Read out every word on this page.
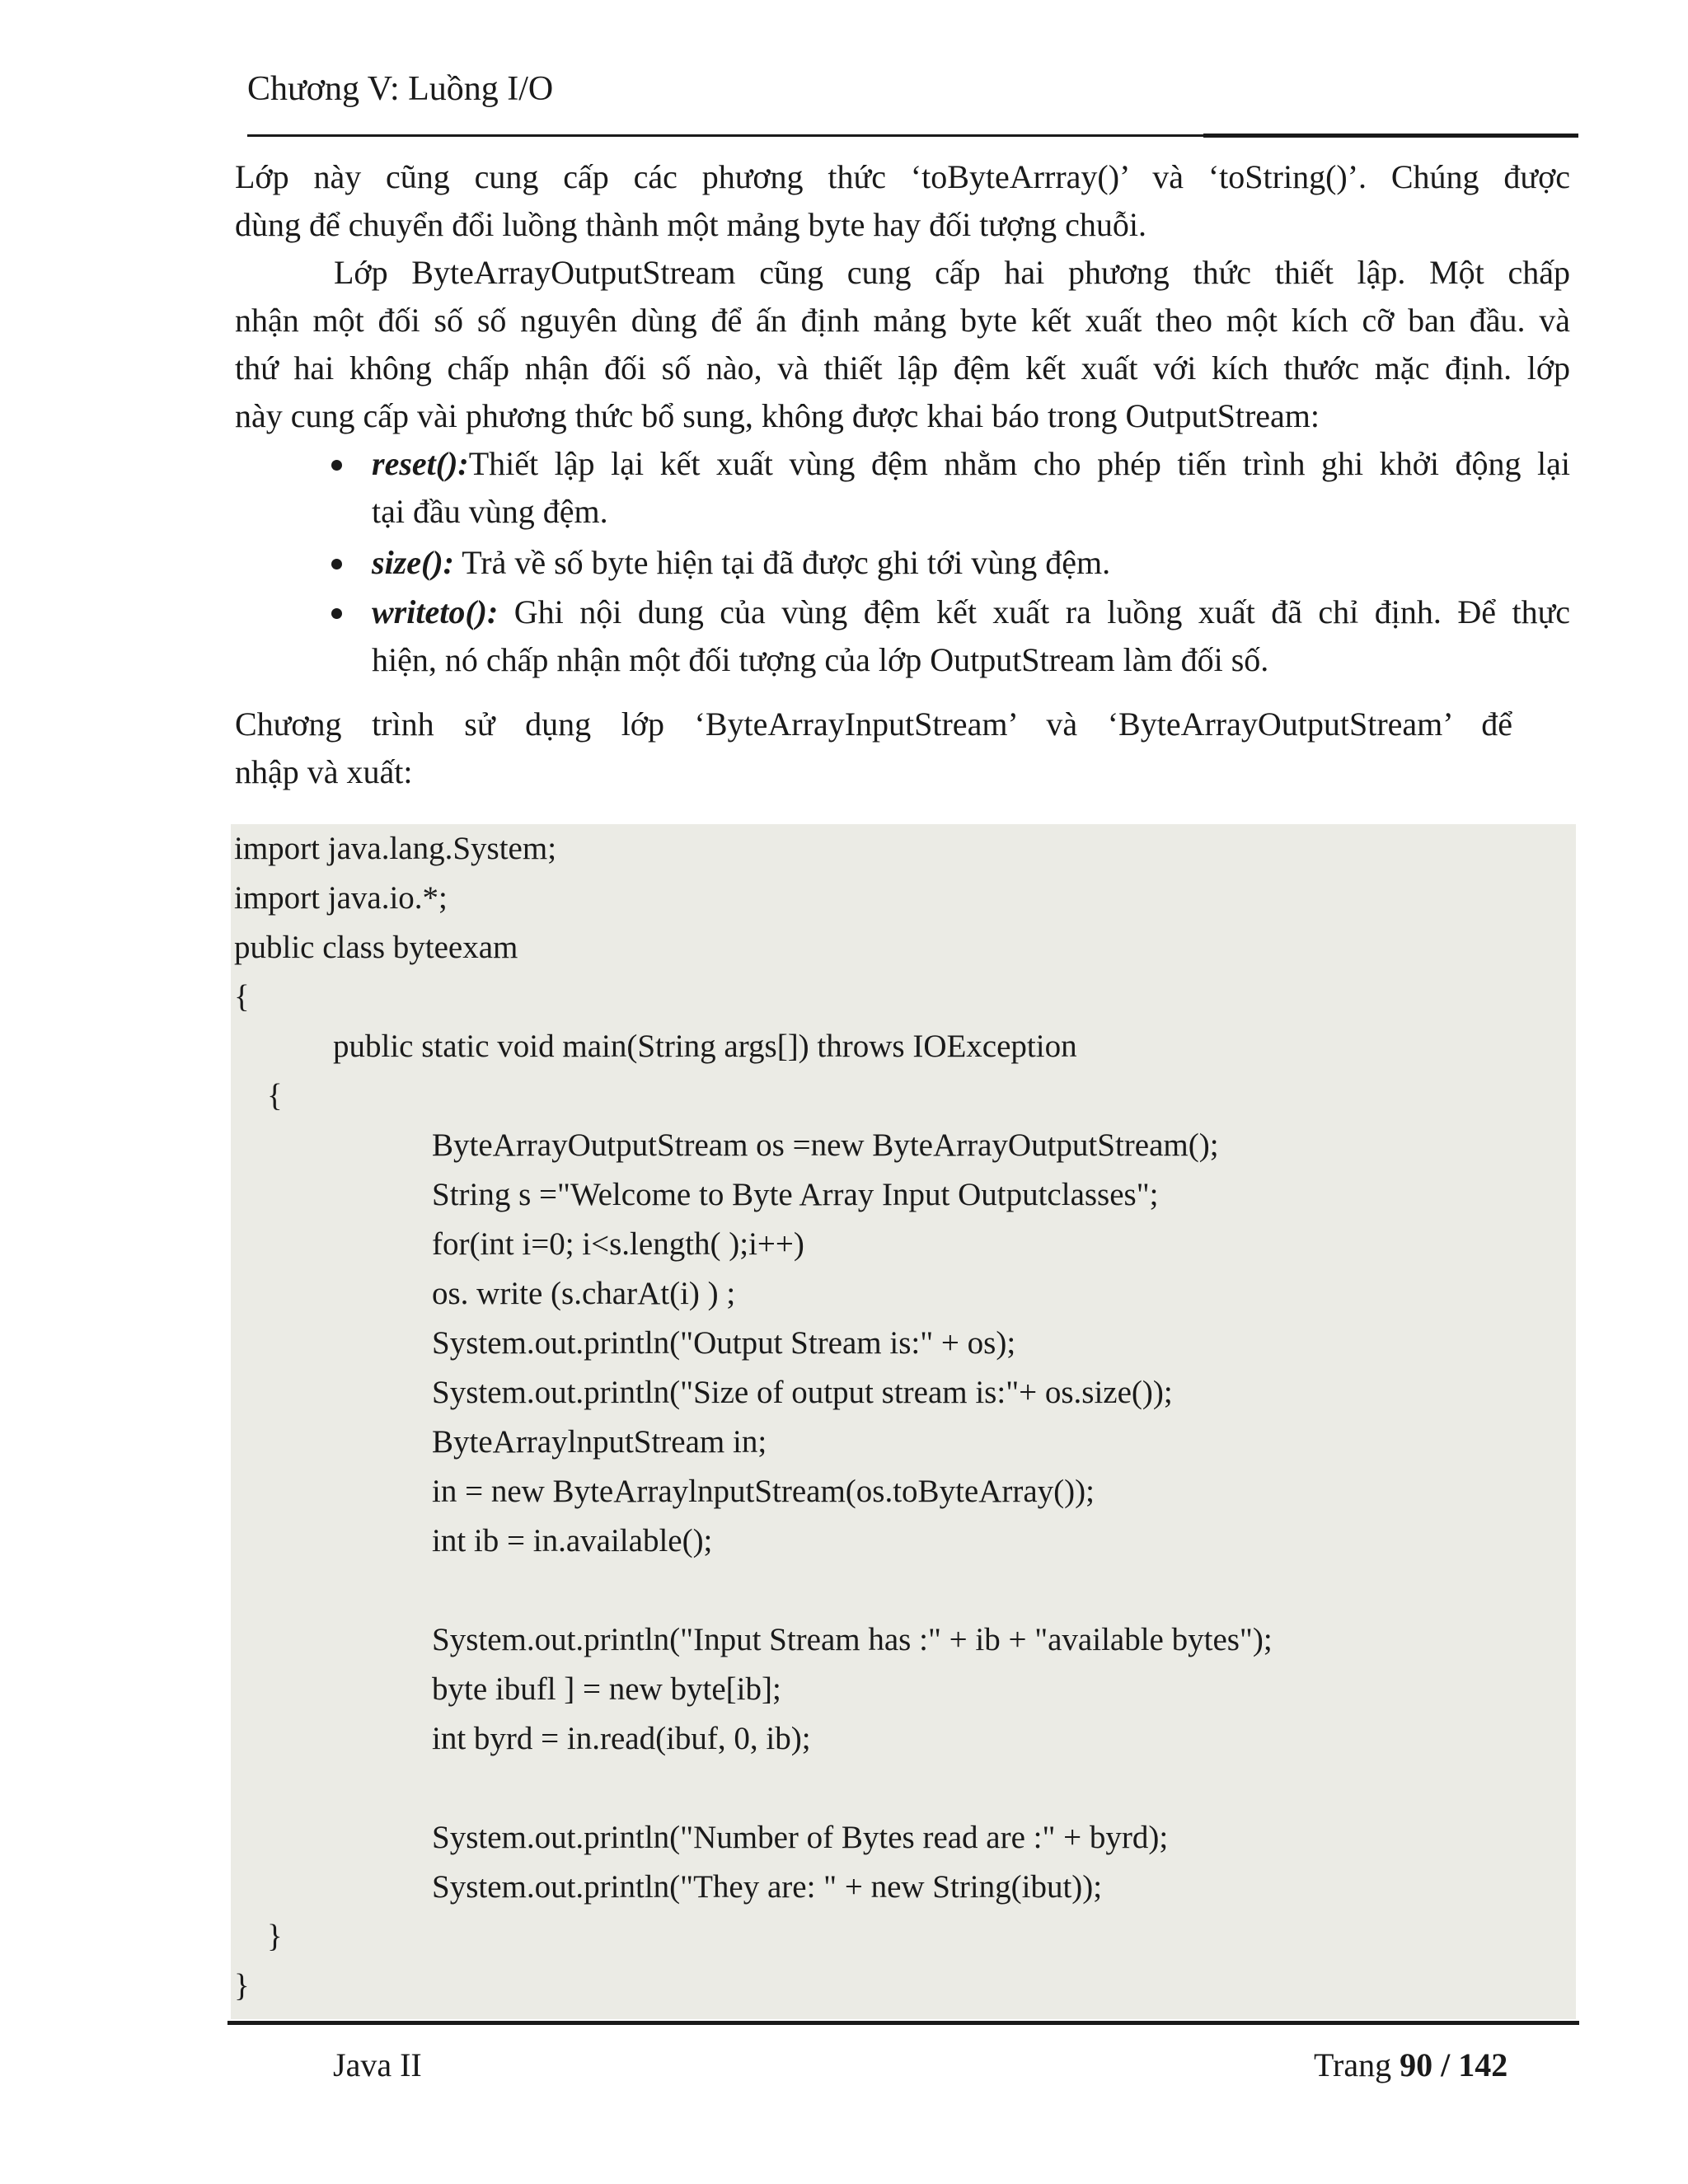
Chương V: Luồng I/O
Lớp này cũng cung cấp các phương thức ‘toByteArrray()’ và ‘toString()’. Chúng được
dùng để chuyển đổi luồng thành một mảng byte hay đối tượng chuỗi.
Lớp ByteArrayOutputStream cũng cung cấp hai phương thức thiết lập. Một chấp
nhận một đối số số nguyên dùng để ấn định mảng byte kết xuất theo một kích cỡ ban đầu. và
thứ hai không chấp nhận đối số nào, và thiết lập đệm kết xuất với kích thước mặc định. lớp
này cung cấp vài phương thức bổ sung, không được khai báo trong OutputStream:
reset():Thiết lập lại kết xuất vùng đệm nhằm cho phép tiến trình ghi khởi động lại
tại đầu vùng đệm.
size(): Trả về số byte hiện tại đã được ghi tới vùng đệm.
writeto(): Ghi nội dung của vùng đệm kết xuất ra luồng xuất đã chỉ định. Để thực
hiện, nó chấp nhận một đối tượng của lớp OutputStream làm đối số.
Chương trình sử dụng lớp ‘ByteArrayInputStream’ và ‘ByteArrayOutputStream’ để
nhập và xuất:
import java.lang.System;
import java.io.*;
public class byteexam
{
public static void main(String args[]) throws IOException
{
ByteArrayOutputStream os =new ByteArrayOutputStream();
String s ="Welcome to Byte Array Input Outputclasses";
for(int i=0; i<s.length( );i++)
os. write (s.charAt(i) ) ;
System.out.println("Output Stream is:" + os);
System.out.println("Size of output stream is:"+ os.size());
ByteArraylnputStream in;
in = new ByteArraylnputStream(os.toByteArray());
int ib = in.available();
System.out.println("Input Stream has :" + ib + "available bytes");
byte ibufl ] = new byte[ib];
int byrd = in.read(ibuf, 0, ib);
System.out.println("Number of Bytes read are :" + byrd);
System.out.println("They are: " + new String(ibut));
}
}
Java II	Trang 90 / 142
